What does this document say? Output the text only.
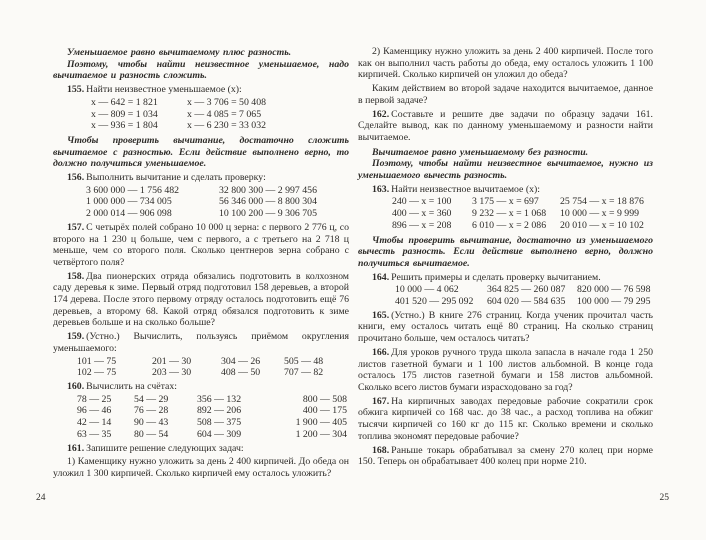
Уменьшаемое равно вычитаемому плюс разность.

Поэтому, чтобы найти неизвестное уменьшаемое, надо вычитаемое и разность сложить.

155. Найти неизвестное уменьшаемое (x):

x — 642 = 1 821	x — 3 706 = 50 408
x — 809 = 1 034	x — 4 085 = 7 065
x — 936 = 1 804	x — 6 230 = 33 032

Чтобы проверить вычитание, достаточно сложить вычитаемое с разностью. Если действие выполнено верно, то должно получиться уменьшаемое.

156. Выполнить вычитание и сделать проверку:

3 600 000 — 1 756 482	32 800 300 — 2 997 456
1 000 000 — 734 005	56 346 000 — 8 800 304
2 000 014 — 906 098	10 100 200 — 9 306 705

157. С четырёх полей собрано 10 000 ц зерна: с первого 2 776 ц, со второго на 1 230 ц больше, чем с первого, а с третьего на 2 718 ц меньше, чем со второго поля. Сколько центнеров зерна собрано с четвёртого поля?

158. Два пионерских отряда обязались подготовить в колхозном саду деревья к зиме. Первый отряд подготовил 158 деревьев, а второй 174 дерева. После этого первому отряду осталось подготовить ещё 76 деревьев, а второму 68. Какой отряд обязался подготовить к зиме деревьев больше и на сколько больше?

159. (Устно.) Вычислить, пользуясь приёмом округления уменьшаемого:

101 — 75	201 — 30	304 — 26	505 — 48
102 — 75	203 — 30	408 — 50	707 — 82

160. Вычислить на счётах:

78 — 25	54 — 29	356 — 132	800 — 508
96 — 46	76 — 28	892 — 206	400 — 175
42 — 14	90 — 43	508 — 375	1 900 — 405
63 — 35	80 — 54	604 — 309	1 200 — 304

161. Запишите решение следующих задач:

1) Каменщику нужно уложить за день 2 400 кирпичей. До обеда он уложил 1 300 кирпичей. Сколько кирпичей ему осталось уложить?

2) Каменщику нужно уложить за день 2 400 кирпичей. После того как он выполнил часть работы до обеда, ему осталось уложить 1 100 кирпичей. Сколько кирпичей он уложил до обеда?

Каким действием во второй задаче находится вычитаемое, данное в первой задаче?

162. Составьте и решите две задачи по образцу задачи 161. Сделайте вывод, как по данному уменьшаемому и разности найти вычитаемое.

Вычитаемое равно уменьшаемому без разности.

Поэтому, чтобы найти неизвестное вычитаемое, нужно из уменьшаемого вычесть разность.

163. Найти неизвестное вычитаемое (x):

240 — x = 100	3 175 — x = 697	25 754 — x = 18 876
400 — x = 360	9 232 — x = 1 068	10 000 — x = 9 999
896 — x = 208	6 010 — x = 2 086	20 010 — x = 10 102

Чтобы проверить вычитание, достаточно из уменьшаемого вычесть разность. Если действие выполнено верно, должно получиться вычитаемое.

164. Решить примеры и сделать проверку вычитанием.

10 000 — 4 062	364 825 — 260 087	820 000 — 76 598
401 520 — 295 092	604 020 — 584 635	100 000 — 79 295

165. (Устно.) В книге 276 страниц. Когда ученик прочитал часть книги, ему осталось читать ещё 80 страниц. На сколько страниц прочитано больше, чем осталось читать?

166. Для уроков ручного труда школа запасла в начале года 1 250 листов газетной бумаги и 1 100 листов альбомной. В конце года осталось 175 листов газетной бумаги и 158 листов альбомной. Сколько всего листов бумаги израсходовано за год?

167. На кирпичных заводах передовые рабочие сократили срок обжига кирпичей со 168 час. до 38 час., а расход топлива на обжиг тысячи кирпичей со 160 кг до 115 кг. Сколько времени и сколько топлива экономят передовые рабочие?

168. Раньше токарь обрабатывал за смену 270 колец при норме 150. Теперь он обрабатывает 400 колец при норме 210.

24	25
